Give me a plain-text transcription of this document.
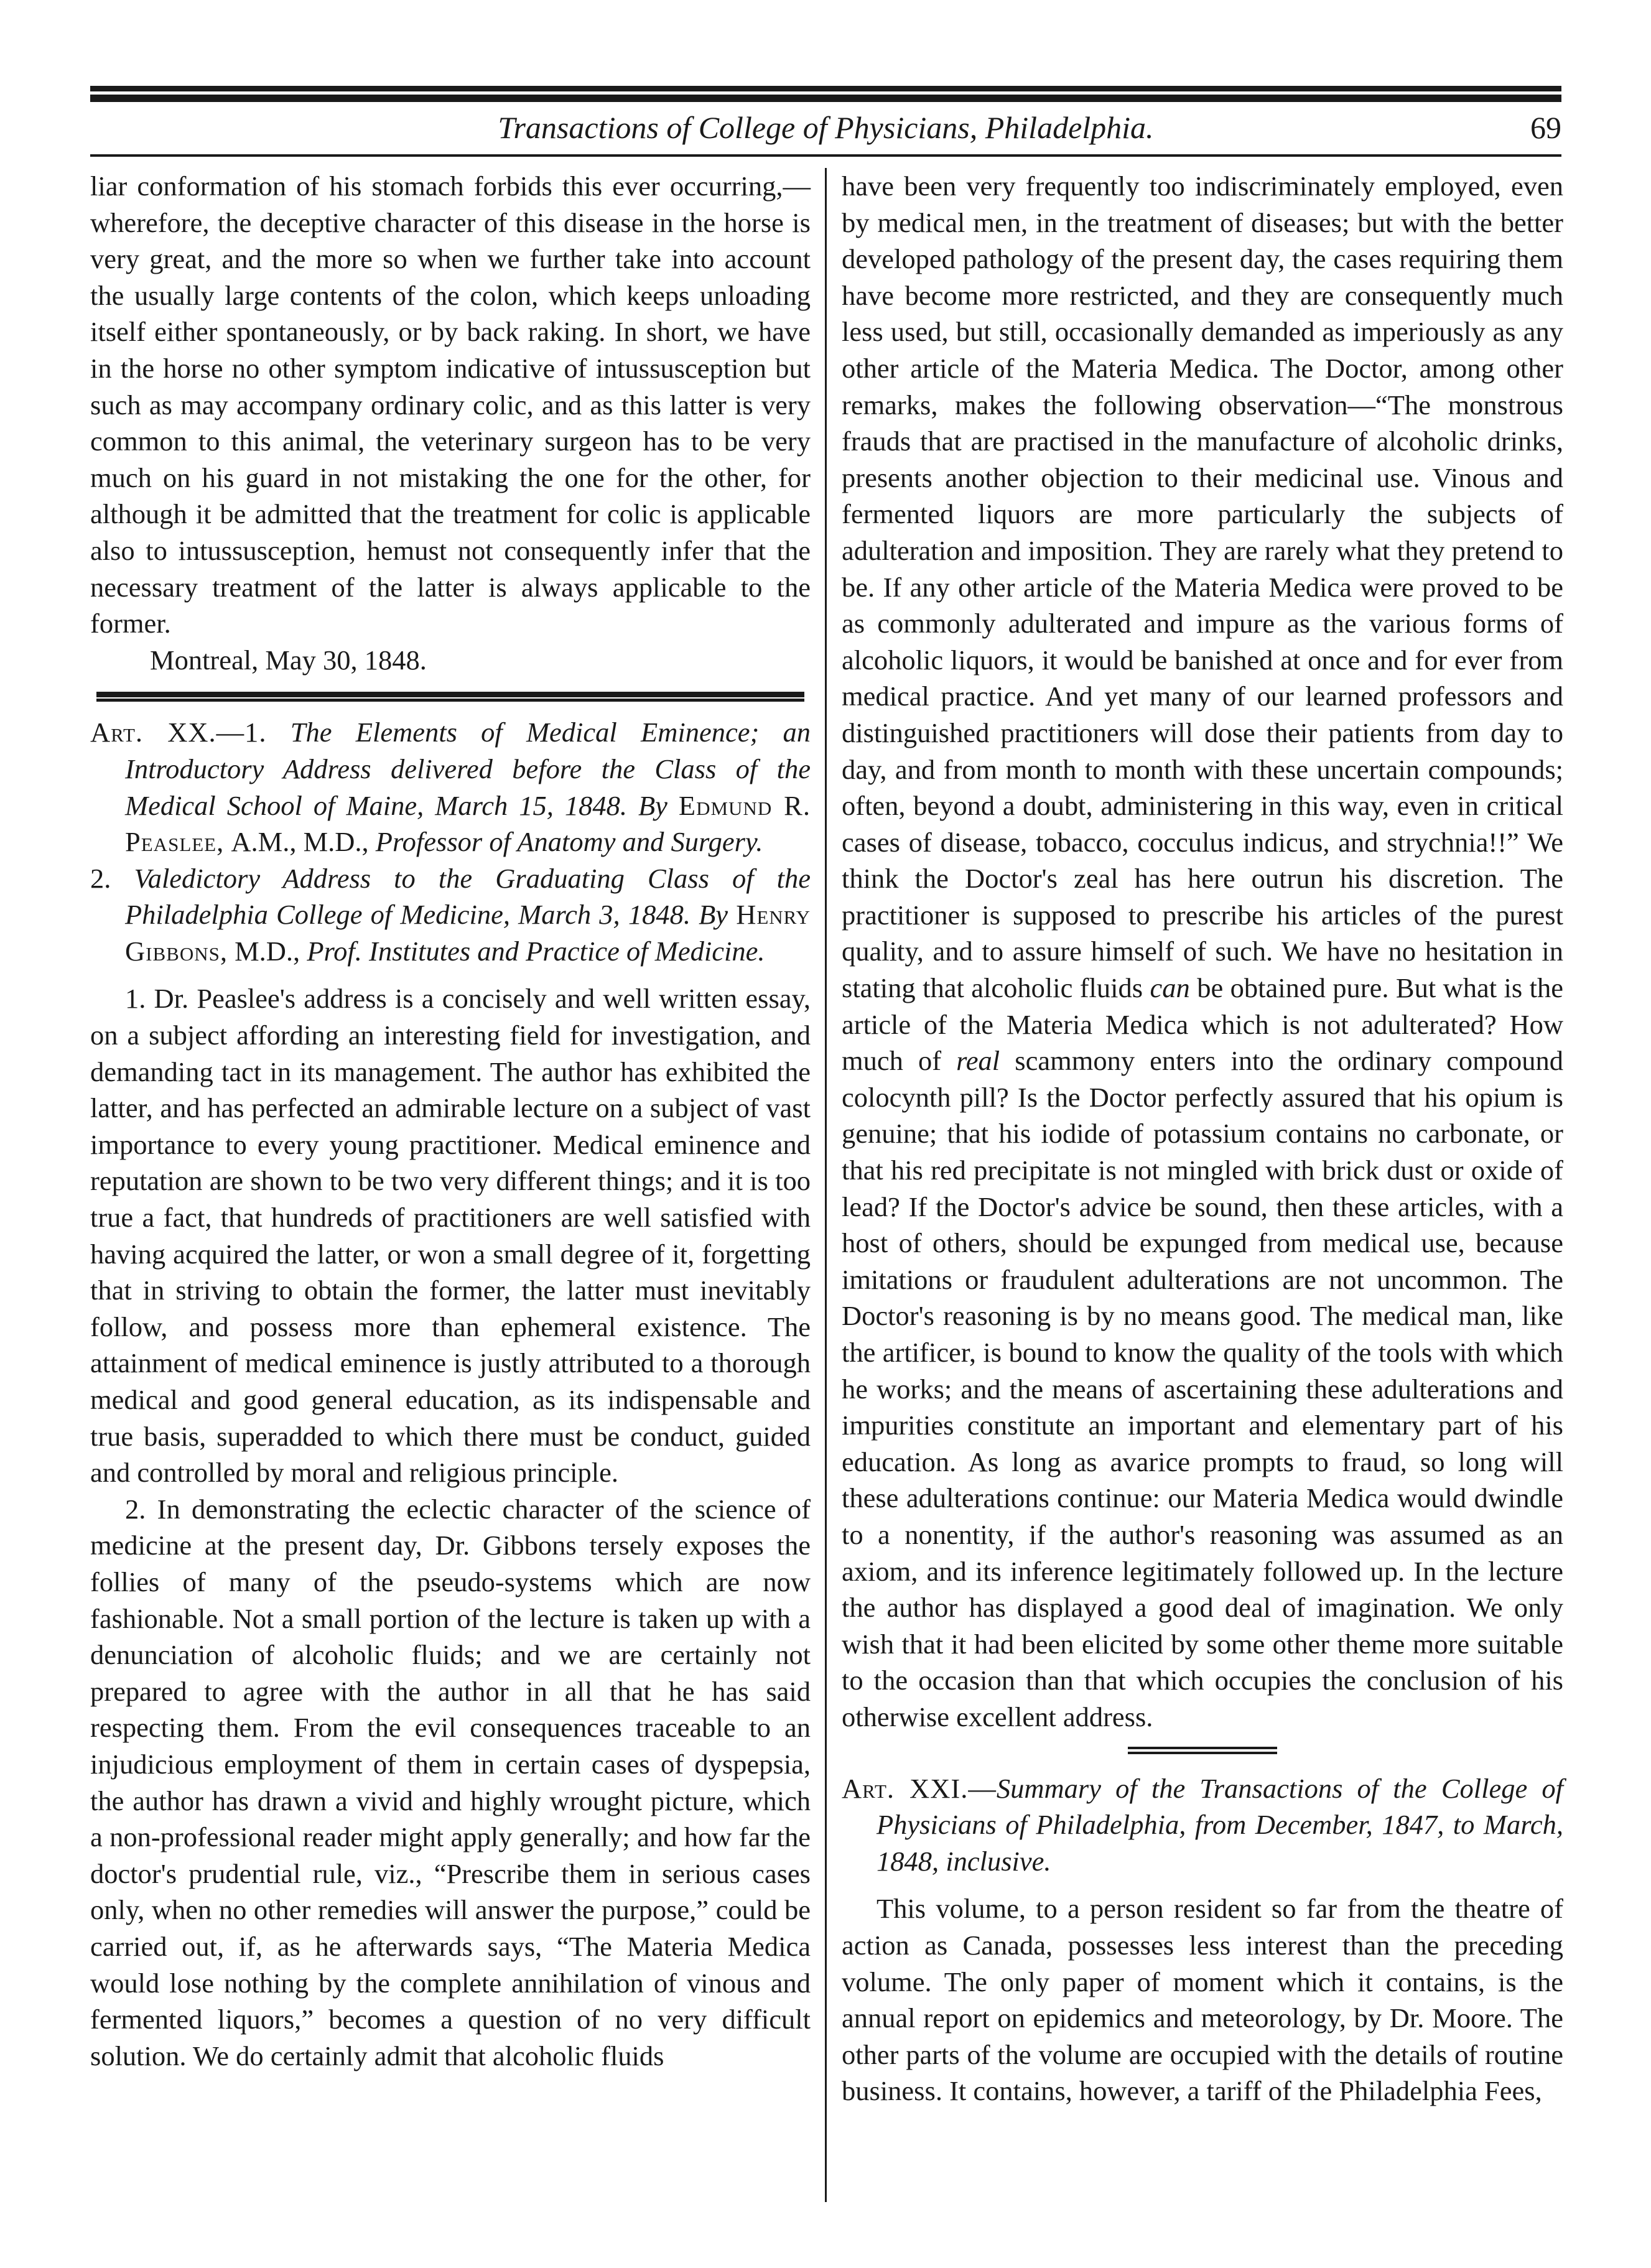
Transactions of College of Physicians, Philadelphia.	69

liar conformation of his stomach forbids this ever occurring,—wherefore, the deceptive character of this disease in the horse is very great, and the more so when we further take into account the usually large contents of the colon, which keeps unloading itself either spontaneously, or by back raking. In short, we have in the horse no other symptom indicative of intussusception but such as may accompany ordinary colic, and as this latter is very common to this animal, the veterinary surgeon has to be very much on his guard in not mistaking the one for the other, for although it be admitted that the treatment for colic is applicable also to intussusception, hemust not consequently infer that the necessary treatment of the latter is always applicable to the former.

Montreal, May 30, 1848.

Art. XX.—1. The Elements of Medical Eminence; an Introductory Address delivered before the Class of the Medical School of Maine, March 15, 1848. By Edmund R. Peaslee, A.M., M.D., Professor of Anatomy and Surgery.

2. Valedictory Address to the Graduating Class of the Philadelphia College of Medicine, March 3, 1848. By Henry Gibbons, M.D., Prof. Institutes and Practice of Medicine.

1. Dr. Peaslee's address is a concisely and well written essay, on a subject affording an interesting field for investigation, and demanding tact in its management. The author has exhibited the latter, and has perfected an admirable lecture on a subject of vast importance to every young practitioner. Medical eminence and reputation are shown to be two very different things; and it is too true a fact, that hundreds of practitioners are well satisfied with having acquired the latter, or won a small degree of it, forgetting that in striving to obtain the former, the latter must inevitably follow, and possess more than ephemeral existence. The attainment of medical eminence is justly attributed to a thorough medical and good general education, as its indispensable and true basis, superadded to which there must be conduct, guided and controlled by moral and religious principle.

2. In demonstrating the eclectic character of the science of medicine at the present day, Dr. Gibbons tersely exposes the follies of many of the pseudo-systems which are now fashionable. Not a small portion of the lecture is taken up with a denunciation of alcoholic fluids; and we are certainly not prepared to agree with the author in all that he has said respecting them. From the evil consequences traceable to an injudicious employment of them in certain cases of dyspepsia, the author has drawn a vivid and highly wrought picture, which a non-professional reader might apply generally; and how far the doctor's prudential rule, viz., “Prescribe them in serious cases only, when no other remedies will answer the purpose,” could be carried out, if, as he afterwards says, “The Materia Medica would lose nothing by the complete annihilation of vinous and fermented liquors,” becomes a question of no very difficult solution. We do certainly admit that alcoholic fluids

have been very frequently too indiscriminately employed, even by medical men, in the treatment of diseases; but with the better developed pathology of the present day, the cases requiring them have become more restricted, and they are consequently much less used, but still, occasionally demanded as imperiously as any other article of the Materia Medica. The Doctor, among other remarks, makes the following observation—“The monstrous frauds that are practised in the manufacture of alcoholic drinks, presents another objection to their medicinal use. Vinous and fermented liquors are more particularly the subjects of adulteration and imposition. They are rarely what they pretend to be. If any other article of the Materia Medica were proved to be as commonly adulterated and impure as the various forms of alcoholic liquors, it would be banished at once and for ever from medical practice. And yet many of our learned professors and distinguished practitioners will dose their patients from day to day, and from month to month with these uncertain compounds; often, beyond a doubt, administering in this way, even in critical cases of disease, tobacco, cocculus indicus, and strychnia!!” We think the Doctor's zeal has here outrun his discretion. The practitioner is supposed to prescribe his articles of the purest quality, and to assure himself of such. We have no hesitation in stating that alcoholic fluids can be obtained pure. But what is the article of the Materia Medica which is not adulterated? How much of real scammony enters into the ordinary compound colocynth pill? Is the Doctor perfectly assured that his opium is genuine; that his iodide of potassium contains no carbonate, or that his red precipitate is not mingled with brick dust or oxide of lead? If the Doctor's advice be sound, then these articles, with a host of others, should be expunged from medical use, because imitations or fraudulent adulterations are not uncommon. The Doctor's reasoning is by no means good. The medical man, like the artificer, is bound to know the quality of the tools with which he works; and the means of ascertaining these adulterations and impurities constitute an important and elementary part of his education. As long as avarice prompts to fraud, so long will these adulterations continue: our Materia Medica would dwindle to a nonentity, if the author's reasoning was assumed as an axiom, and its inference legitimately followed up. In the lecture the author has displayed a good deal of imagination. We only wish that it had been elicited by some other theme more suitable to the occasion than that which occupies the conclusion of his otherwise excellent address.

Art. XXI.—Summary of the Transactions of the College of Physicians of Philadelphia, from December, 1847, to March, 1848, inclusive.

This volume, to a person resident so far from the theatre of action as Canada, possesses less interest than the preceding volume. The only paper of moment which it contains, is the annual report on epidemics and meteorology, by Dr. Moore. The other parts of the volume are occupied with the details of routine business. It contains, however, a tariff of the Philadelphia Fees,
